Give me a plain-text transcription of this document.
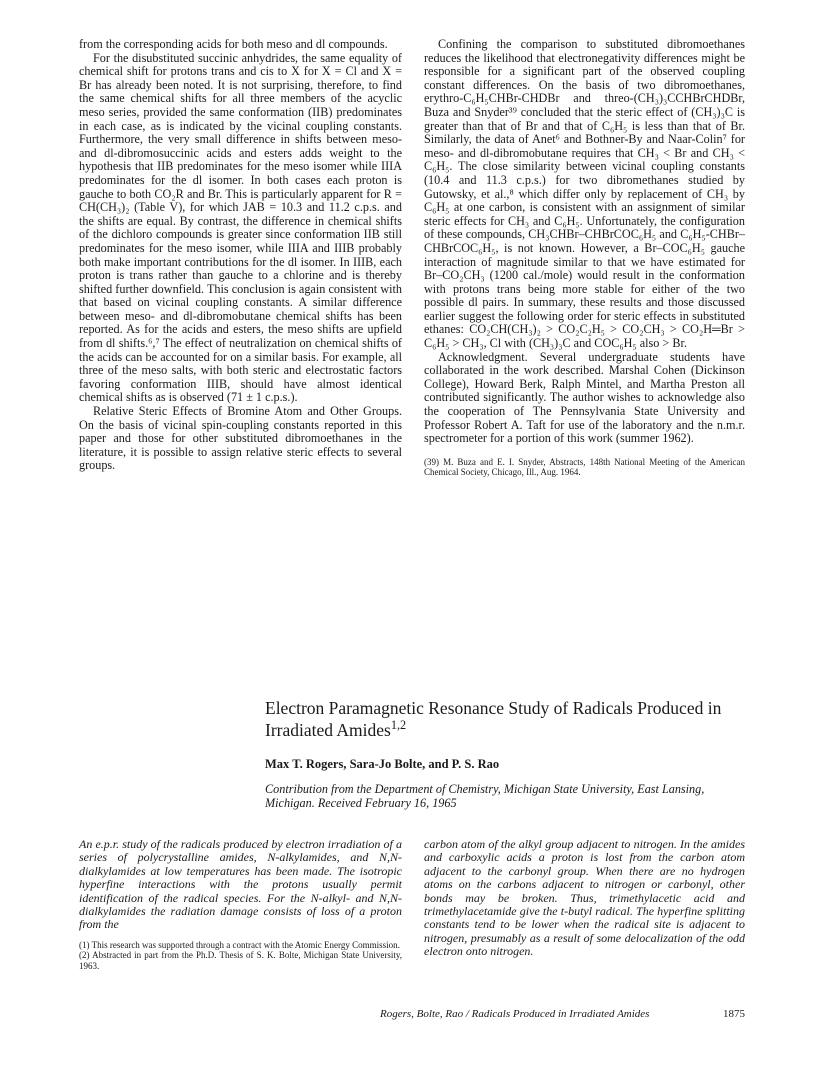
from the corresponding acids for both meso and dl compounds.

For the disubstituted succinic anhydrides, the same equality of chemical shift for protons trans and cis to X for X = Cl and X = Br has already been noted. It is not surprising, therefore, to find the same chemical shifts for all three members of the acyclic meso series, provided the same conformation (IIB) predominates in each case, as is indicated by the vicinal coupling constants. Furthermore, the very small difference in shifts between meso- and dl-dibromosuccinic acids and esters adds weight to the hypothesis that IIB predominates for the meso isomer while IIIA predominates for the dl isomer. In both cases each proton is gauche to both CO₂R and Br. This is particularly apparent for R = CH(CH₃)₂ (Table V), for which JAB = 10.3 and 11.2 c.p.s. and the shifts are equal. By contrast, the difference in chemical shifts of the dichloro compounds is greater since conformation IIB still predominates for the meso isomer, while IIIA and IIIB probably both make important contributions for the dl isomer. In IIIB, each proton is trans rather than gauche to a chlorine and is thereby shifted further downfield. This conclusion is again consistent with that based on vicinal coupling constants. A similar difference between meso- and dl-dibromobutane chemical shifts has been reported. As for the acids and esters, the meso shifts are upfield from dl shifts.⁶,⁷ The effect of neutralization on chemical shifts of the acids can be accounted for on a similar basis. For example, all three of the meso salts, with both steric and electrostatic factors favoring conformation IIIB, should have almost identical chemical shifts as is observed (71 ± 1 c.p.s.).

Relative Steric Effects of Bromine Atom and Other Groups. On the basis of vicinal spin-coupling constants reported in this paper and those for other substituted dibromoethanes in the literature, it is possible to assign relative steric effects to several groups.

Confining the comparison to substituted dibromoethanes reduces the likelihood that electronegativity differences might be responsible for a significant part of the observed coupling constant differences. On the basis of two dibromoethanes, erythro-C₆H₅CHBr-CHDBr and threo-(CH₃)₃CCHBrCHDBr, Buza and Snyder³⁹ concluded that the steric effect of (CH₃)₃C is greater than that of Br and that of C₆H₅ is less than that of Br. Similarly, the data of Anet⁶ and Bothner-By and Naar-Colin⁷ for meso- and dl-dibromobutane requires that CH₃ < Br and CH₃ < C₆H₅. The close similarity between vicinal coupling constants (10.4 and 11.3 c.p.s.) for two dibromethanes studied by Gutowsky, et al.,⁸ which differ only by replacement of CH₃ by C₆H₅ at one carbon, is consistent with an assignment of similar steric effects for CH₃ and C₆H₅. Unfortunately, the configuration of these compounds, CH₃CHBr–CHBrCOC₆H₅ and C₆H₅-CHBr–CHBrCOC₆H₅, is not known. However, a Br–COC₆H₅ gauche interaction of magnitude similar to that we have estimated for Br–CO₂CH₃ (1200 cal./mole) would result in the conformation with protons trans being more stable for either of the two possible dl pairs. In summary, these results and those discussed earlier suggest the following order for steric effects in substituted ethanes: CO₂CH(CH₃)₂ > CO₂C₂H₅ > CO₂CH₃ > CO₂H═Br > C₆H₅ > CH₃, Cl with (CH₃)₃C and COC₆H₅ also > Br.

Acknowledgment. Several undergraduate students have collaborated in the work described. Marshal Cohen (Dickinson College), Howard Berk, Ralph Mintel, and Martha Preston all contributed significantly. The author wishes to acknowledge also the cooperation of The Pennsylvania State University and Professor Robert A. Taft for use of the laboratory and the n.m.r. spectrometer for a portion of this work (summer 1962).

(39) M. Buza and E. I. Snyder, Abstracts, 148th National Meeting of the American Chemical Society, Chicago, Ill., Aug. 1964.

Electron Paramagnetic Resonance Study of Radicals Produced in Irradiated Amides$^{1,2}$
Max T. Rogers, Sara-Jo Bolte, and P. S. Rao
Contribution from the Department of Chemistry, Michigan State University, East Lansing, Michigan. Received February 16, 1965

An e.p.r. study of the radicals produced by electron irradiation of a series of polycrystalline amides, N-alkylamides, and N,N-dialkylamides at low temperatures has been made. The isotropic hyperfine interactions with the protons usually permit identification of the radical species. For the N-alkyl- and N,N-dialkylamides the radiation damage consists of loss of a proton from the

(1) This research was supported through a contract with the Atomic Energy Commission.

(2) Abstracted in part from the Ph.D. Thesis of S. K. Bolte, Michigan State University, 1963.

carbon atom of the alkyl group adjacent to nitrogen. In the amides and carboxylic acids a proton is lost from the carbon atom adjacent to the carbonyl group. When there are no hydrogen atoms on the carbons adjacent to nitrogen or carbonyl, other bonds may be broken. Thus, trimethylacetic acid and trimethylacetamide give the t-butyl radical. The hyperfine splitting constants tend to be lower when the radical site is adjacent to nitrogen, presumably as a result of some delocalization of the odd electron onto nitrogen.

Rogers, Bolte, Rao / Radicals Produced in Irradiated Amides	1875
